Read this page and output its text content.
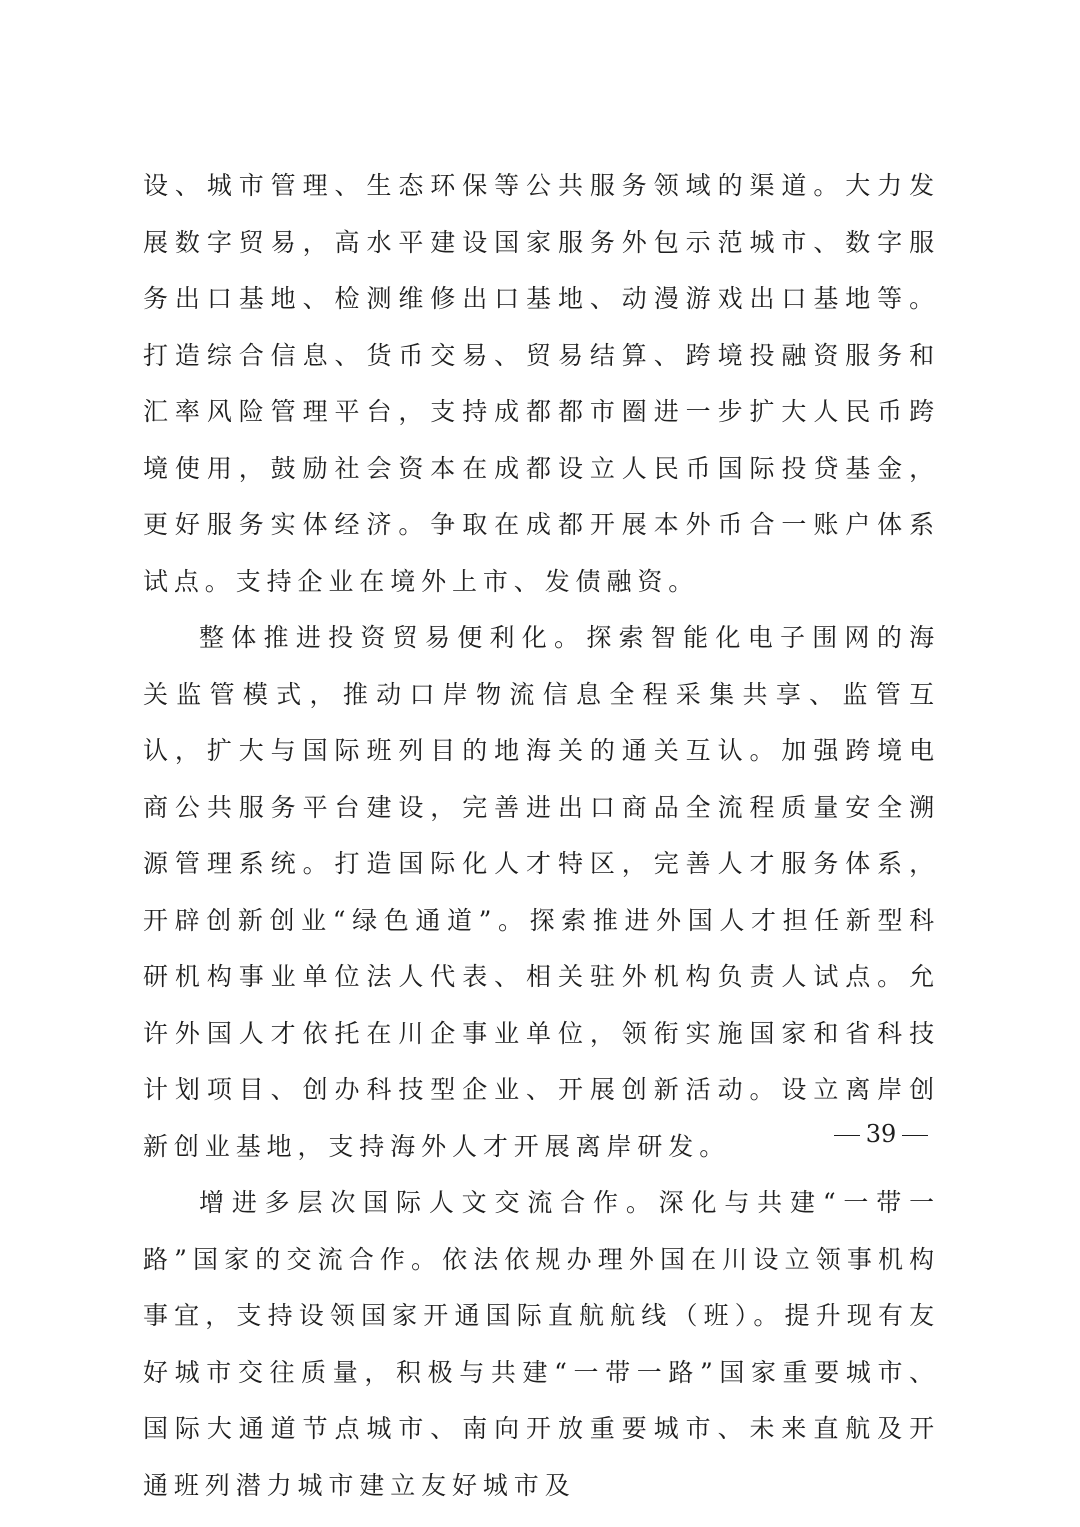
设、城市管理、生态环保等公共服务领域的渠道。大力发展数字贸易，高水平建设国家服务外包示范城市、数字服务出口基地、检测维修出口基地、动漫游戏出口基地等。打造综合信息、货币交易、贸易结算、跨境投融资服务和汇率风险管理平台，支持成都都市圈进一步扩大人民币跨境使用，鼓励社会资本在成都设立人民币国际投贷基金，更好服务实体经济。争取在成都开展本外币合一账户体系试点。支持企业在境外上市、发债融资。

整体推进投资贸易便利化。探索智能化电子围网的海关监管模式，推动口岸物流信息全程采集共享、监管互认，扩大与国际班列目的地海关的通关互认。加强跨境电商公共服务平台建设，完善进出口商品全流程质量安全溯源管理系统。打造国际化人才特区，完善人才服务体系，开辟创新创业“绿色通道”。探索推进外国人才担任新型科研机构事业单位法人代表、相关驻外机构负责人试点。允许外国人才依托在川企事业单位，领衔实施国家和省科技计划项目、创办科技型企业、开展创新活动。设立离岸创新创业基地，支持海外人才开展离岸研发。

增进多层次国际人文交流合作。深化与共建“一带一路”国家的交流合作。依法依规办理外国在川设立领事机构事宜，支持设领国家开通国际直航航线（班）。提升现有友好城市交往质量，积极与共建“一带一路”国家重要城市、国际大通道节点城市、南向开放重要城市、未来直航及开通班列潜力城市建立友好城市及

39
